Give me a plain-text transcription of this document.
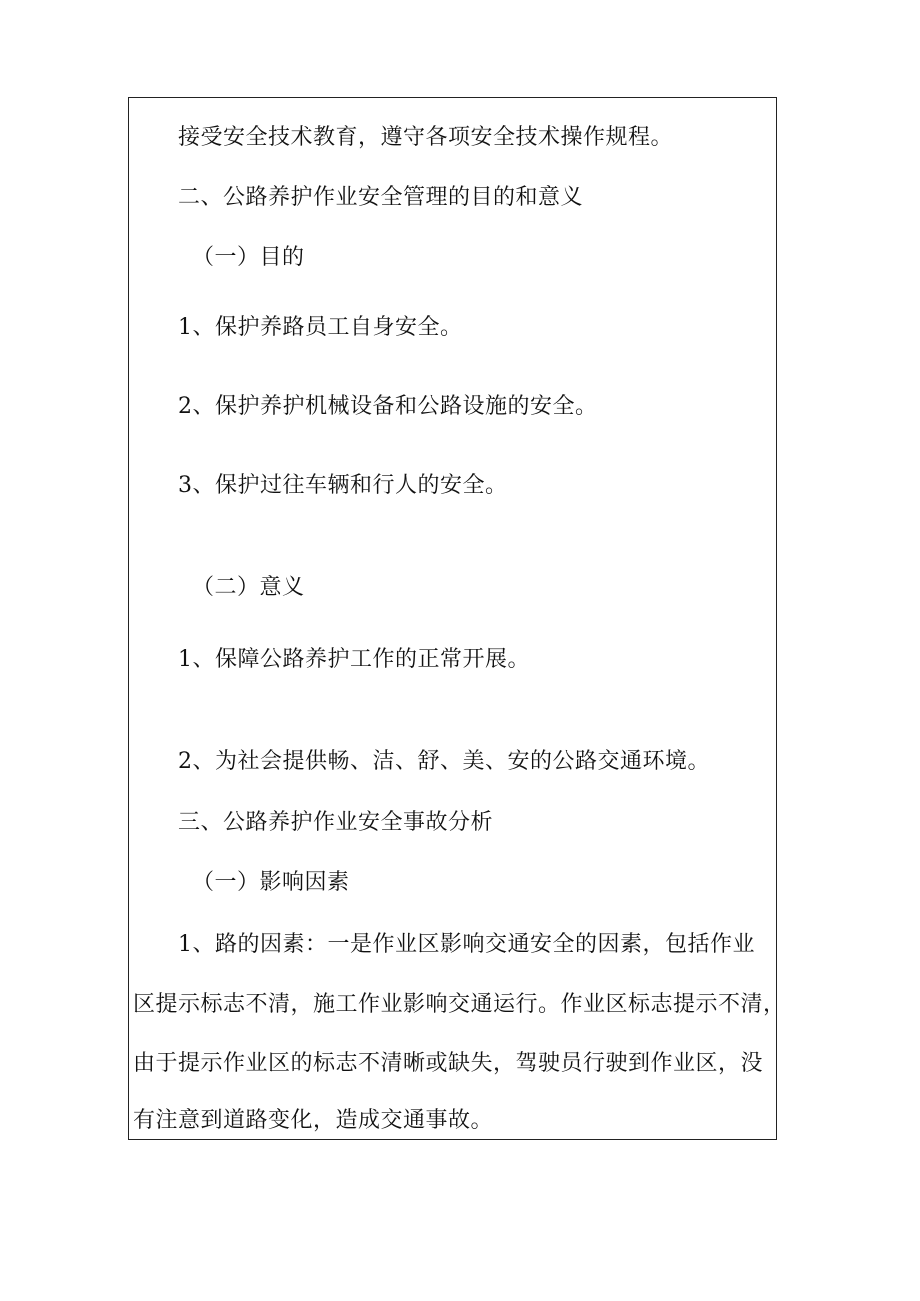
接受安全技术教育，遵守各项安全技术操作规程。
二、公路养护作业安全管理的目的和意义
（一）目的
1、保护养路员工自身安全。
2、保护养护机械设备和公路设施的安全。
3、保护过往车辆和行人的安全。
（二）意义
1、保障公路养护工作的正常开展。
2、为社会提供畅、洁、舒、美、安的公路交通环境。
三、公路养护作业安全事故分析
（一）影响因素
1、路的因素：一是作业区影响交通安全的因素，包括作业
区提示标志不清，施工作业影响交通运行。作业区标志提示不清，
由于提示作业区的标志不清晰或缺失，驾驶员行驶到作业区，没
有注意到道路变化，造成交通事故。
